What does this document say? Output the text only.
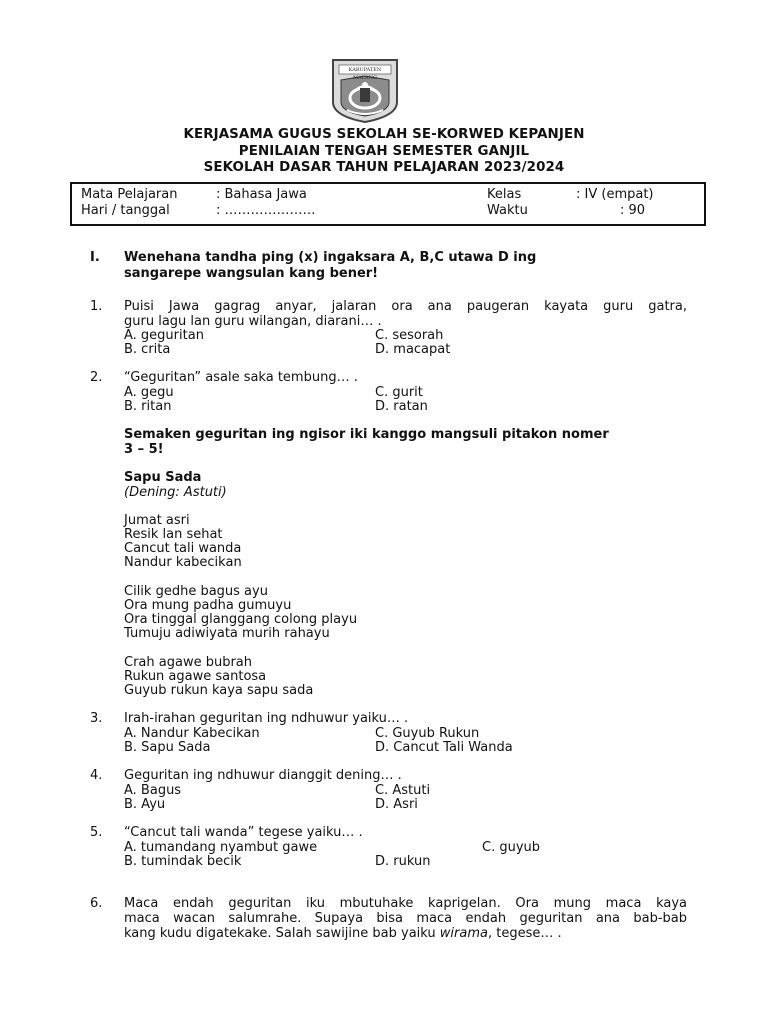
KABUPATEN MALANG
KERJASAMA GUGUS SEKOLAH SE-KORWED KEPANJEN
PENILAIAN TENGAH SEMESTER GANJIL
SEKOLAH DASAR TAHUN PELAJARAN 2023/2024
Mata Pelajaran	: Bahasa Jawa
Hari / tanggal	: …………………
Kelas	: IV (empat)
Waktu	: 90
I. Wenehana tandha ping (x) ingaksara A, B,C utawa D ing
sangarepe wangsulan kang bener!
1. Puisi Jawa gagrag anyar, jalaran ora ana paugeran kayata guru gatra,
guru lagu lan guru wilangan, diarani… .
A. geguritan	C. sesorah
B. crita	D. macapat
2. “Geguritan” asale saka tembung… .
A. gegu	C. gurit
B. ritan	D. ratan
Semaken geguritan ing ngisor iki kanggo mangsuli pitakon nomer
3 – 5!
Sapu Sada
(Dening: Astuti)
Jumat asri
Resik lan sehat
Cancut tali wanda
Nandur kabecikan
Cilik gedhe bagus ayu
Ora mung padha gumuyu
Ora tinggal glanggang colong playu
Tumuju adiwiyata murih rahayu
Crah agawe bubrah
Rukun agawe santosa
Guyub rukun kaya sapu sada
3. Irah-irahan geguritan ing ndhuwur yaiku… .
A. Nandur Kabecikan	C. Guyub Rukun
B. Sapu Sada	D. Cancut Tali Wanda
4. Geguritan ing ndhuwur dianggit dening… .
A. Bagus	C. Astuti
B. Ayu	D. Asri
5. “Cancut tali wanda” tegese yaiku… .
A. tumandang nyambut gawe	C. guyub
B. tumindak becik	D. rukun
6. Maca endah geguritan iku mbutuhake kaprigelan. Ora mung maca kaya
maca wacan salumrahe. Supaya bisa maca endah geguritan ana bab-bab
kang kudu digatekake. Salah sawijine bab yaiku wirama, tegese… .
